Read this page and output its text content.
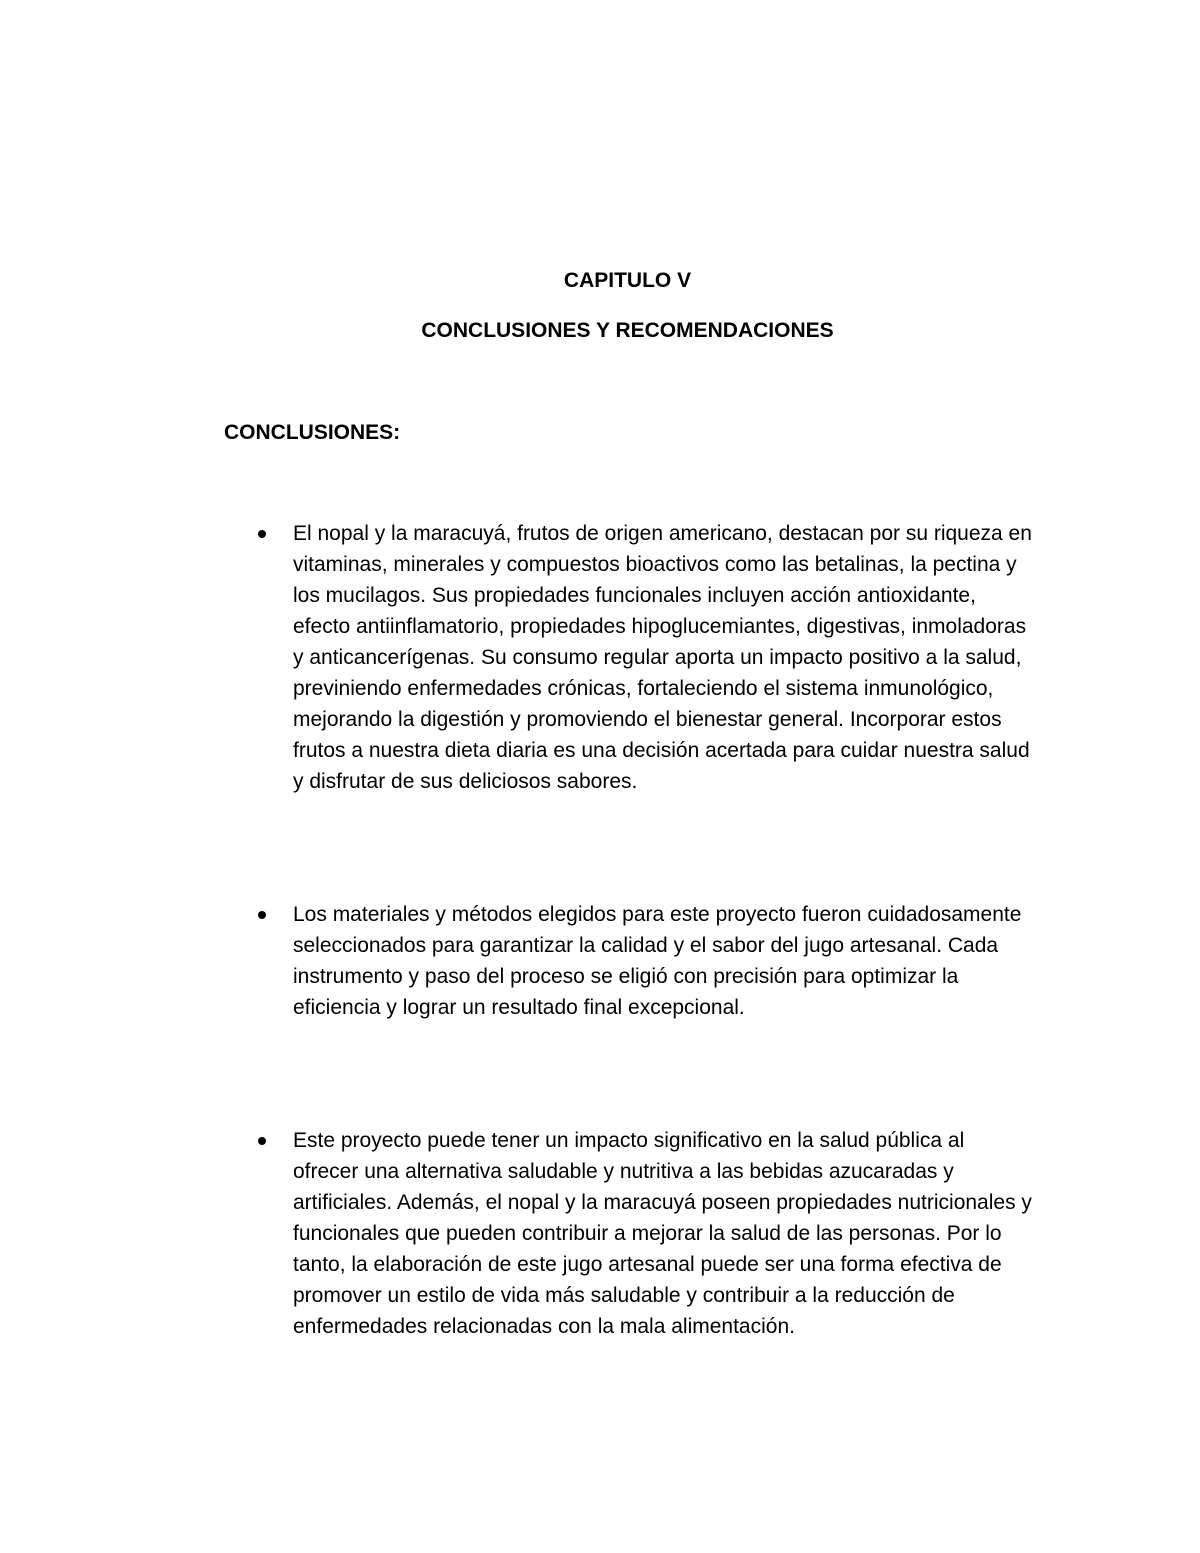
CAPITULO V
CONCLUSIONES Y RECOMENDACIONES
CONCLUSIONES:

El nopal y la maracuyá, frutos de origen americano, destacan por su riqueza en vitaminas, minerales y compuestos bioactivos como las betalinas, la pectina y los mucilagos. Sus propiedades funcionales incluyen acción antioxidante, efecto antiinflamatorio, propiedades hipoglucemiantes, digestivas, inmoladoras y anticancerígenas. Su consumo regular aporta un impacto positivo a la salud, previniendo enfermedades crónicas, fortaleciendo el sistema inmunológico, mejorando la digestión y promoviendo el bienestar general. Incorporar estos frutos a nuestra dieta diaria es una decisión acertada para cuidar nuestra salud y disfrutar de sus deliciosos sabores.

Los materiales y métodos elegidos para este proyecto fueron cuidadosamente seleccionados para garantizar la calidad y el sabor del jugo artesanal. Cada instrumento y paso del proceso se eligió con precisión para optimizar la eficiencia y lograr un resultado final excepcional.

Este proyecto puede tener un impacto significativo en la salud pública al ofrecer una alternativa saludable y nutritiva a las bebidas azucaradas y artificiales. Además, el nopal y la maracuyá poseen propiedades nutricionales y funcionales que pueden contribuir a mejorar la salud de las personas. Por lo tanto, la elaboración de este jugo artesanal puede ser una forma efectiva de promover un estilo de vida más saludable y contribuir a la reducción de enfermedades relacionadas con la mala alimentación.
